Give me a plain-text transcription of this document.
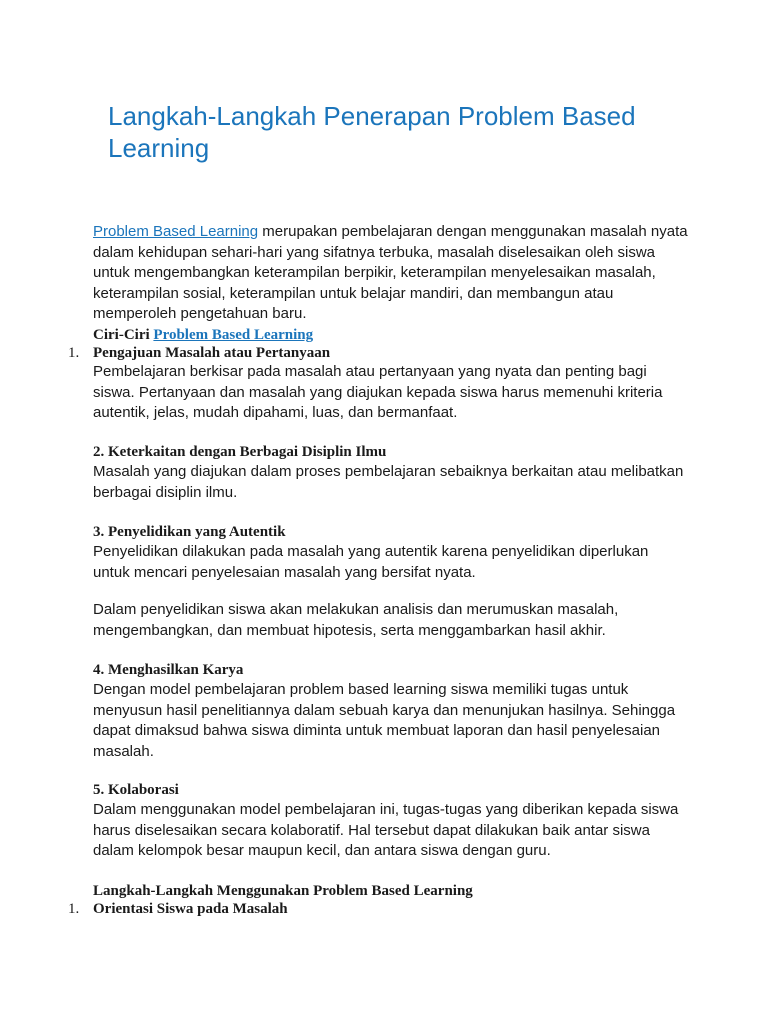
Langkah-Langkah Penerapan Problem Based Learning

Problem Based Learning merupakan pembelajaran dengan menggunakan masalah nyata dalam kehidupan sehari-hari yang sifatnya terbuka, masalah diselesaikan oleh siswa untuk mengembangkan keterampilan berpikir, keterampilan menyelesaikan masalah, keterampilan sosial, keterampilan untuk belajar mandiri, dan membangun atau memperoleh pengetahuan baru.

Ciri-Ciri Problem Based Learning

1. Pengajuan Masalah atau Pertanyaan

Pembelajaran berkisar pada masalah atau pertanyaan yang nyata dan penting bagi siswa. Pertanyaan dan masalah yang diajukan kepada siswa harus memenuhi kriteria autentik, jelas, mudah dipahami, luas, dan bermanfaat.

2. Keterkaitan dengan Berbagai Disiplin Ilmu

Masalah yang diajukan dalam proses pembelajaran sebaiknya berkaitan atau melibatkan berbagai disiplin ilmu.

3. Penyelidikan yang Autentik

Penyelidikan dilakukan pada masalah yang autentik karena penyelidikan diperlukan untuk mencari penyelesaian masalah yang bersifat nyata.

Dalam penyelidikan siswa akan melakukan analisis dan merumuskan masalah, mengembangkan, dan membuat hipotesis, serta menggambarkan hasil akhir.

4. Menghasilkan Karya

Dengan model pembelajaran problem based learning siswa memiliki tugas untuk menyusun hasil penelitiannya dalam sebuah karya dan menunjukan hasilnya. Sehingga dapat dimaksud bahwa siswa diminta untuk membuat laporan dan hasil penyelesaian masalah.

5. Kolaborasi

Dalam menggunakan model pembelajaran ini, tugas-tugas yang diberikan kepada siswa harus diselesaikan secara kolaboratif. Hal tersebut dapat dilakukan baik antar siswa dalam kelompok besar maupun kecil, dan antara siswa dengan guru.

Langkah-Langkah Menggunakan Problem Based Learning

1. Orientasi Siswa pada Masalah
